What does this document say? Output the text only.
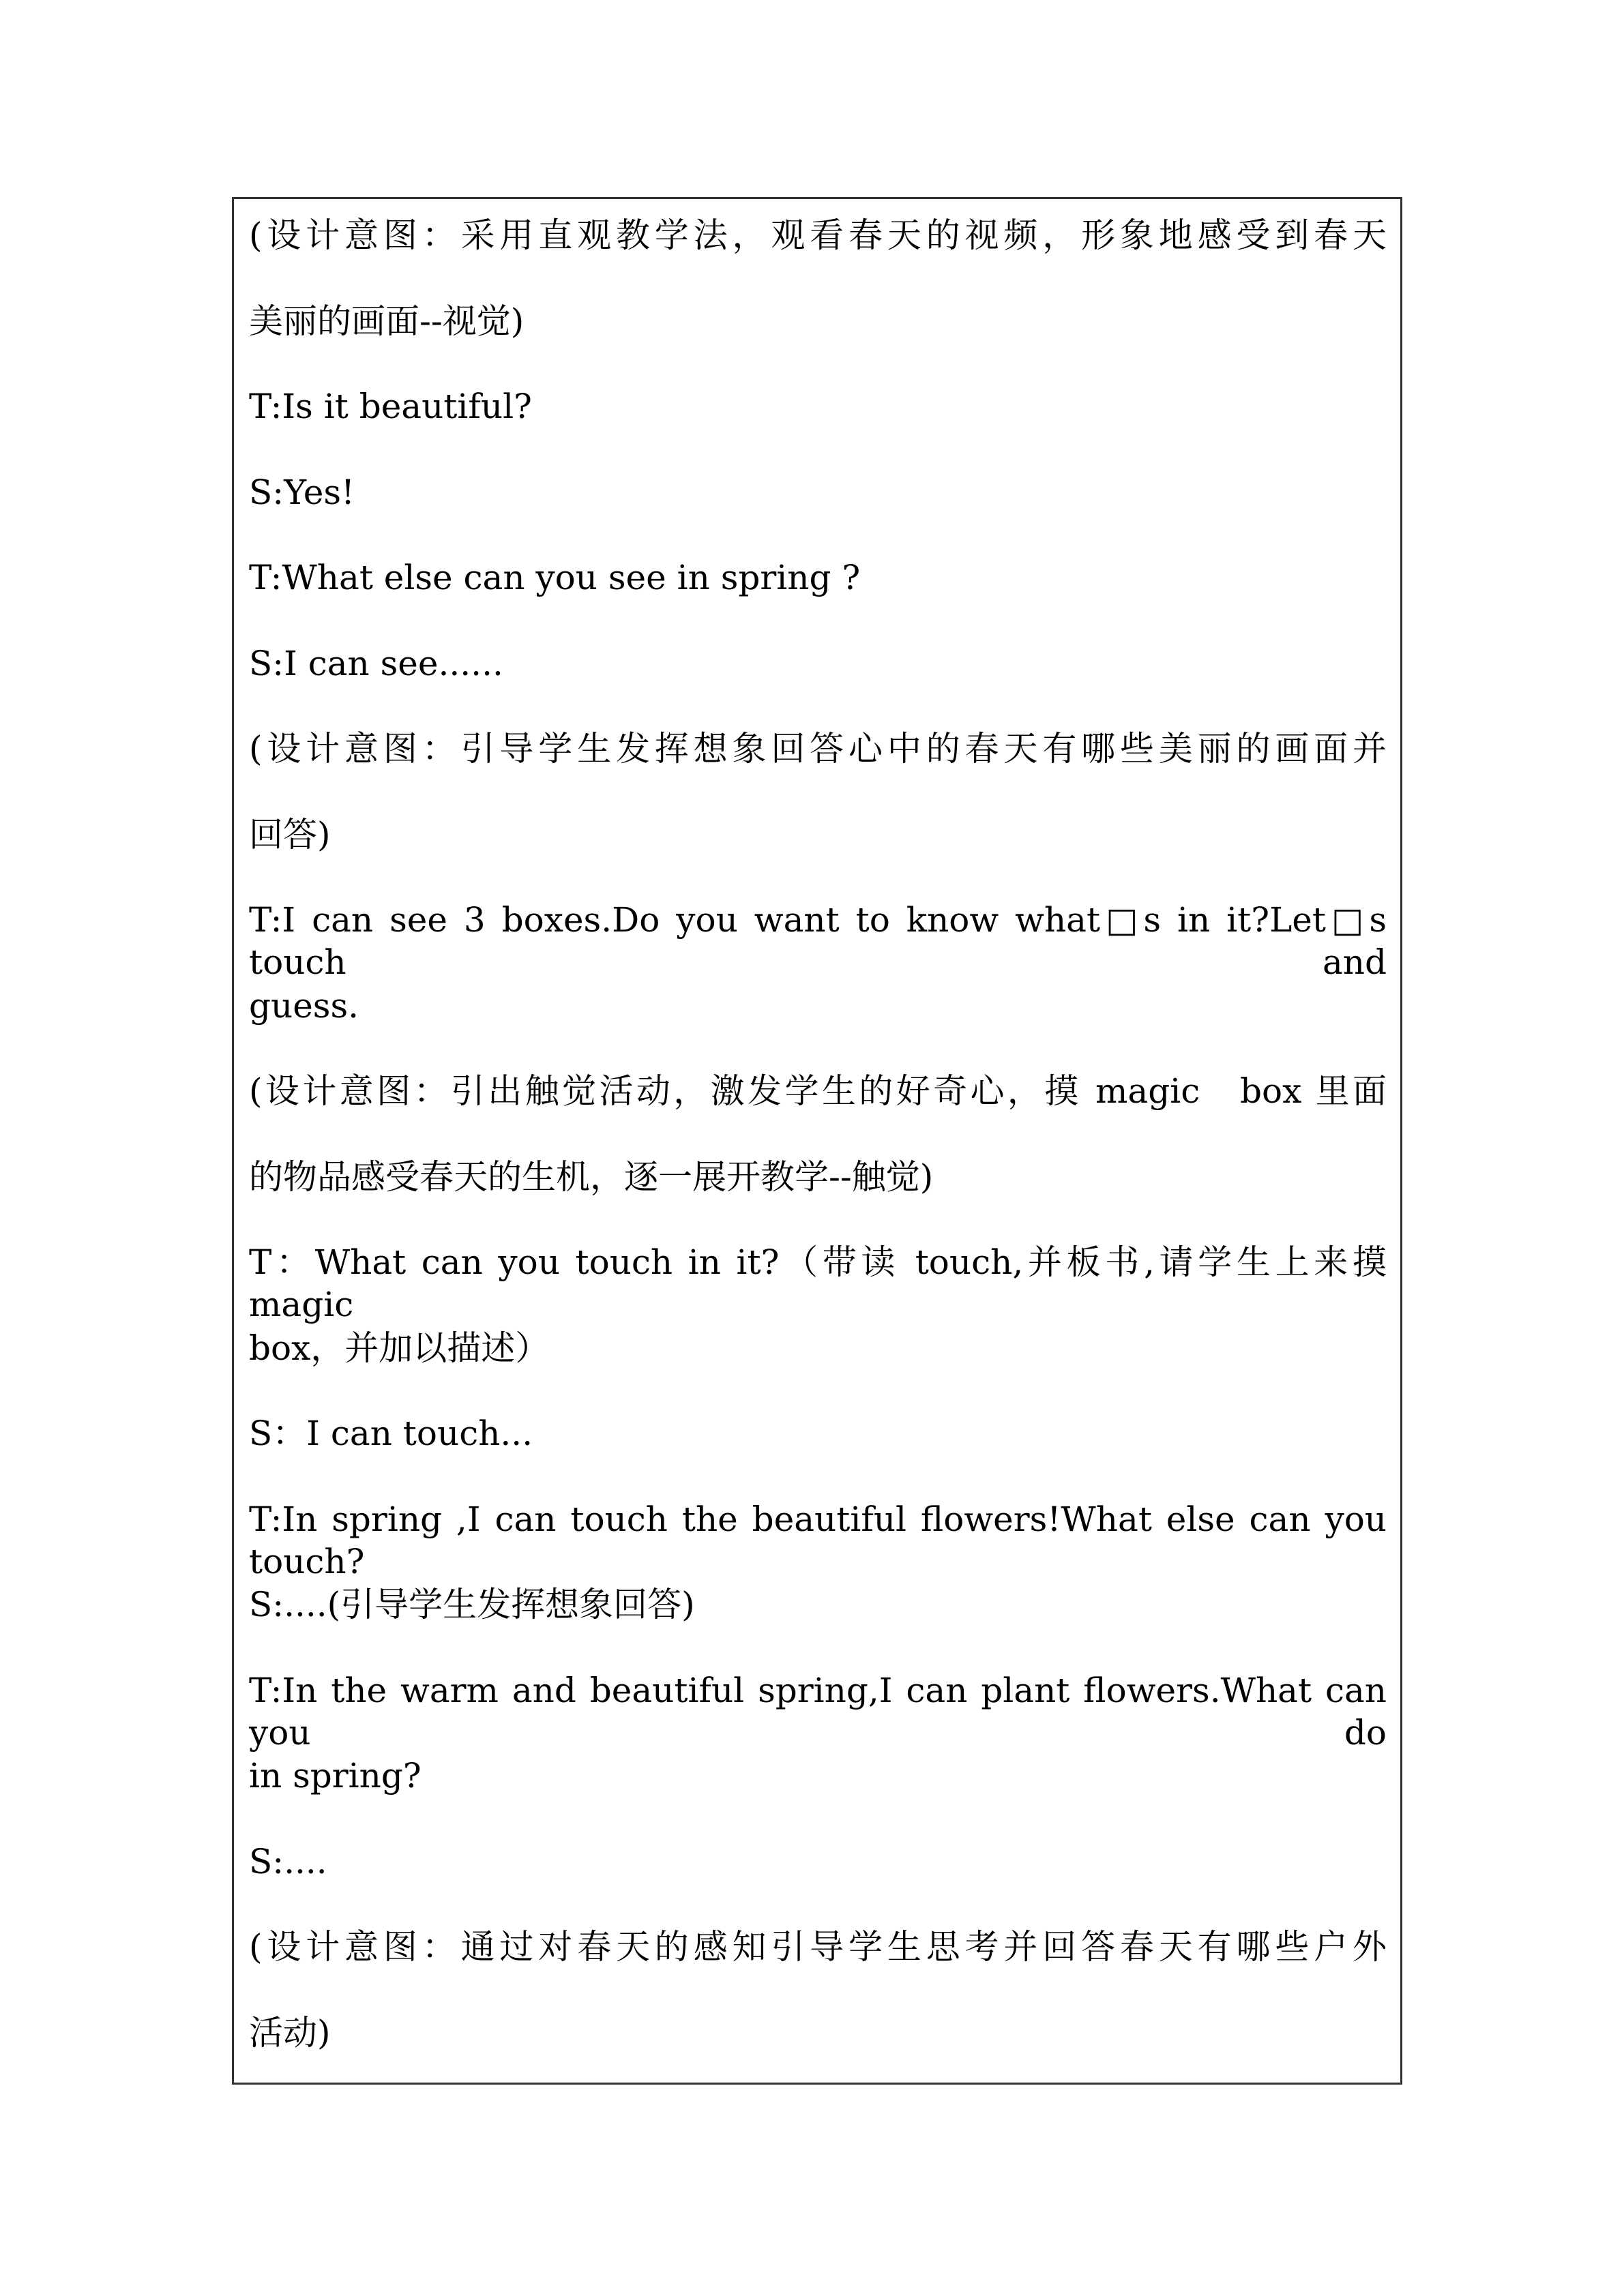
(设计意图：采用直观教学法，观看春天的视频，形象地感受到春天
美丽的画面--视觉)
T:Is it beautiful?
S:Yes!
T:What else can you see in spring ?
S:I can see......
(设计意图：引导学生发挥想象回答心中的春天有哪些美丽的画面并
回答)
T:I can see 3 boxes.Do you want to know what□s in it?Let□s touch and
guess.
(设计意图：引出触觉活动，激发学生的好奇心，摸 magic　box 里面
的物品感受春天的生机，逐一展开教学--触觉)
T：What can you touch in it?（带读 touch,并板书,请学生上来摸 magic
box，并加以描述）
S：I can touch...
T:In spring ,I can touch the beautiful flowers!What else can you touch?
S:....(引导学生发挥想象回答)
T:In the warm and beautiful spring,I can plant flowers.What can you do
in spring?
S:....
(设计意图：通过对春天的感知引导学生思考并回答春天有哪些户外
活动)
